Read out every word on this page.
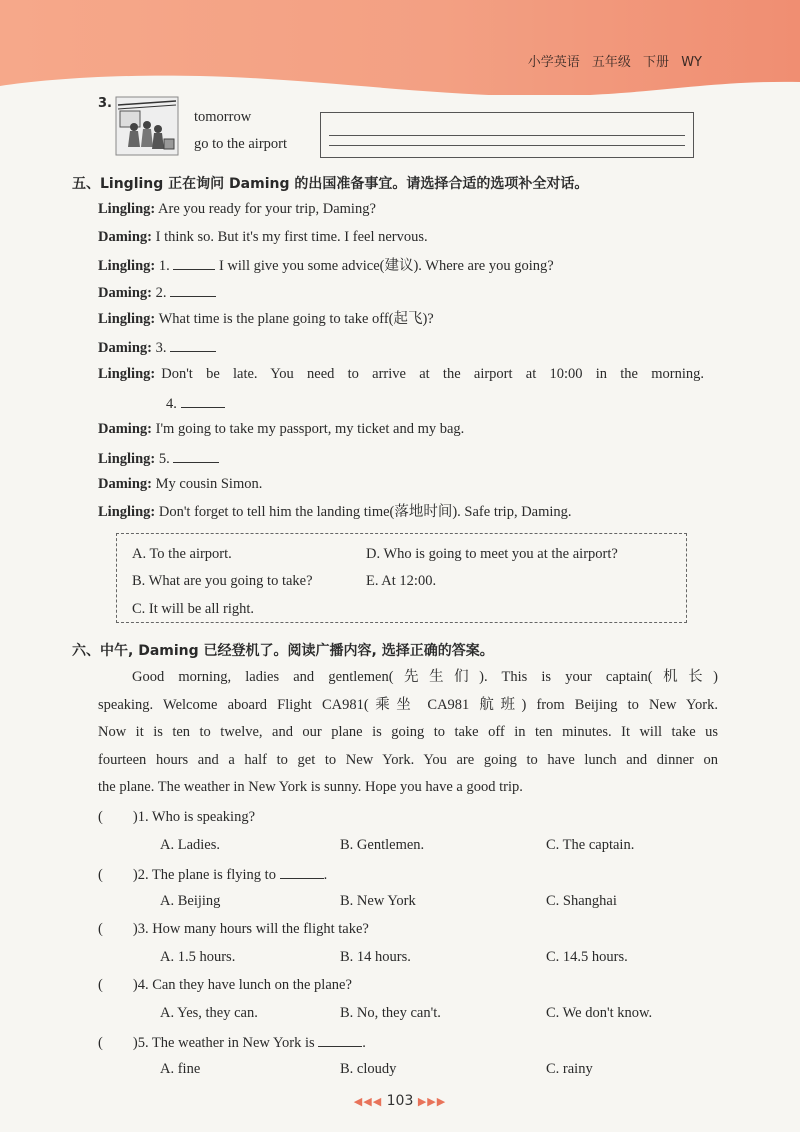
小学英语 五年级 下册 WY
3.
tomorrow
go to the airport
五、Lingling 正在询问 Daming 的出国准备事宜。请选择合适的选项补全对话。
Lingling: Are you ready for your trip, Daming?
Daming: I think so. But it's my first time. I feel nervous.
Lingling: 1.	I will give you some advice(建议). Where are you going?
Daming: 2.
Lingling: What time is the plane going to take off(起飞)?
Daming: 3.
Lingling: Don't be late. You need to arrive at the airport at 10:00 in the morning.
4.
Daming: I'm going to take my passport, my ticket and my bag.
Lingling: 5.
Daming: My cousin Simon.
Lingling: Don't forget to tell him the landing time(落地时间). Safe trip, Daming.
A. To the airport.	D. Who is going to meet you at the airport?
B. What are you going to take?	E. At 12:00.
C. It will be all right.
六、中午, Daming 已经登机了。阅读广播内容, 选择正确的答案。

Good morning, ladies and gentlemen(先生们). This is your captain(机长)

speaking. Welcome aboard Flight CA981(乘坐 CA981 航班) from Beijing to New York.

Now it is ten to twelve, and our plane is going to take off in ten minutes. It will take us

fourteen hours and a half to get to New York. You are going to have lunch and dinner on

the plane. The weather in New York is sunny. Hope you have a good trip.

( )1. Who is speaking?
A. Ladies.	B. Gentlemen.	C. The captain.
( )2. The plane is flying to	.
A. Beijing	B. New York	C. Shanghai
( )3. How many hours will the flight take?
A. 1.5 hours.	B. 14 hours.	C. 14.5 hours.
( )4. Can they have lunch on the plane?
A. Yes, they can.	B. No, they can't.	C. We don't know.
( )5. The weather in New York is	.
A. fine	B. cloudy	C. rainy
◀◀◀ 103 ▶▶▶
